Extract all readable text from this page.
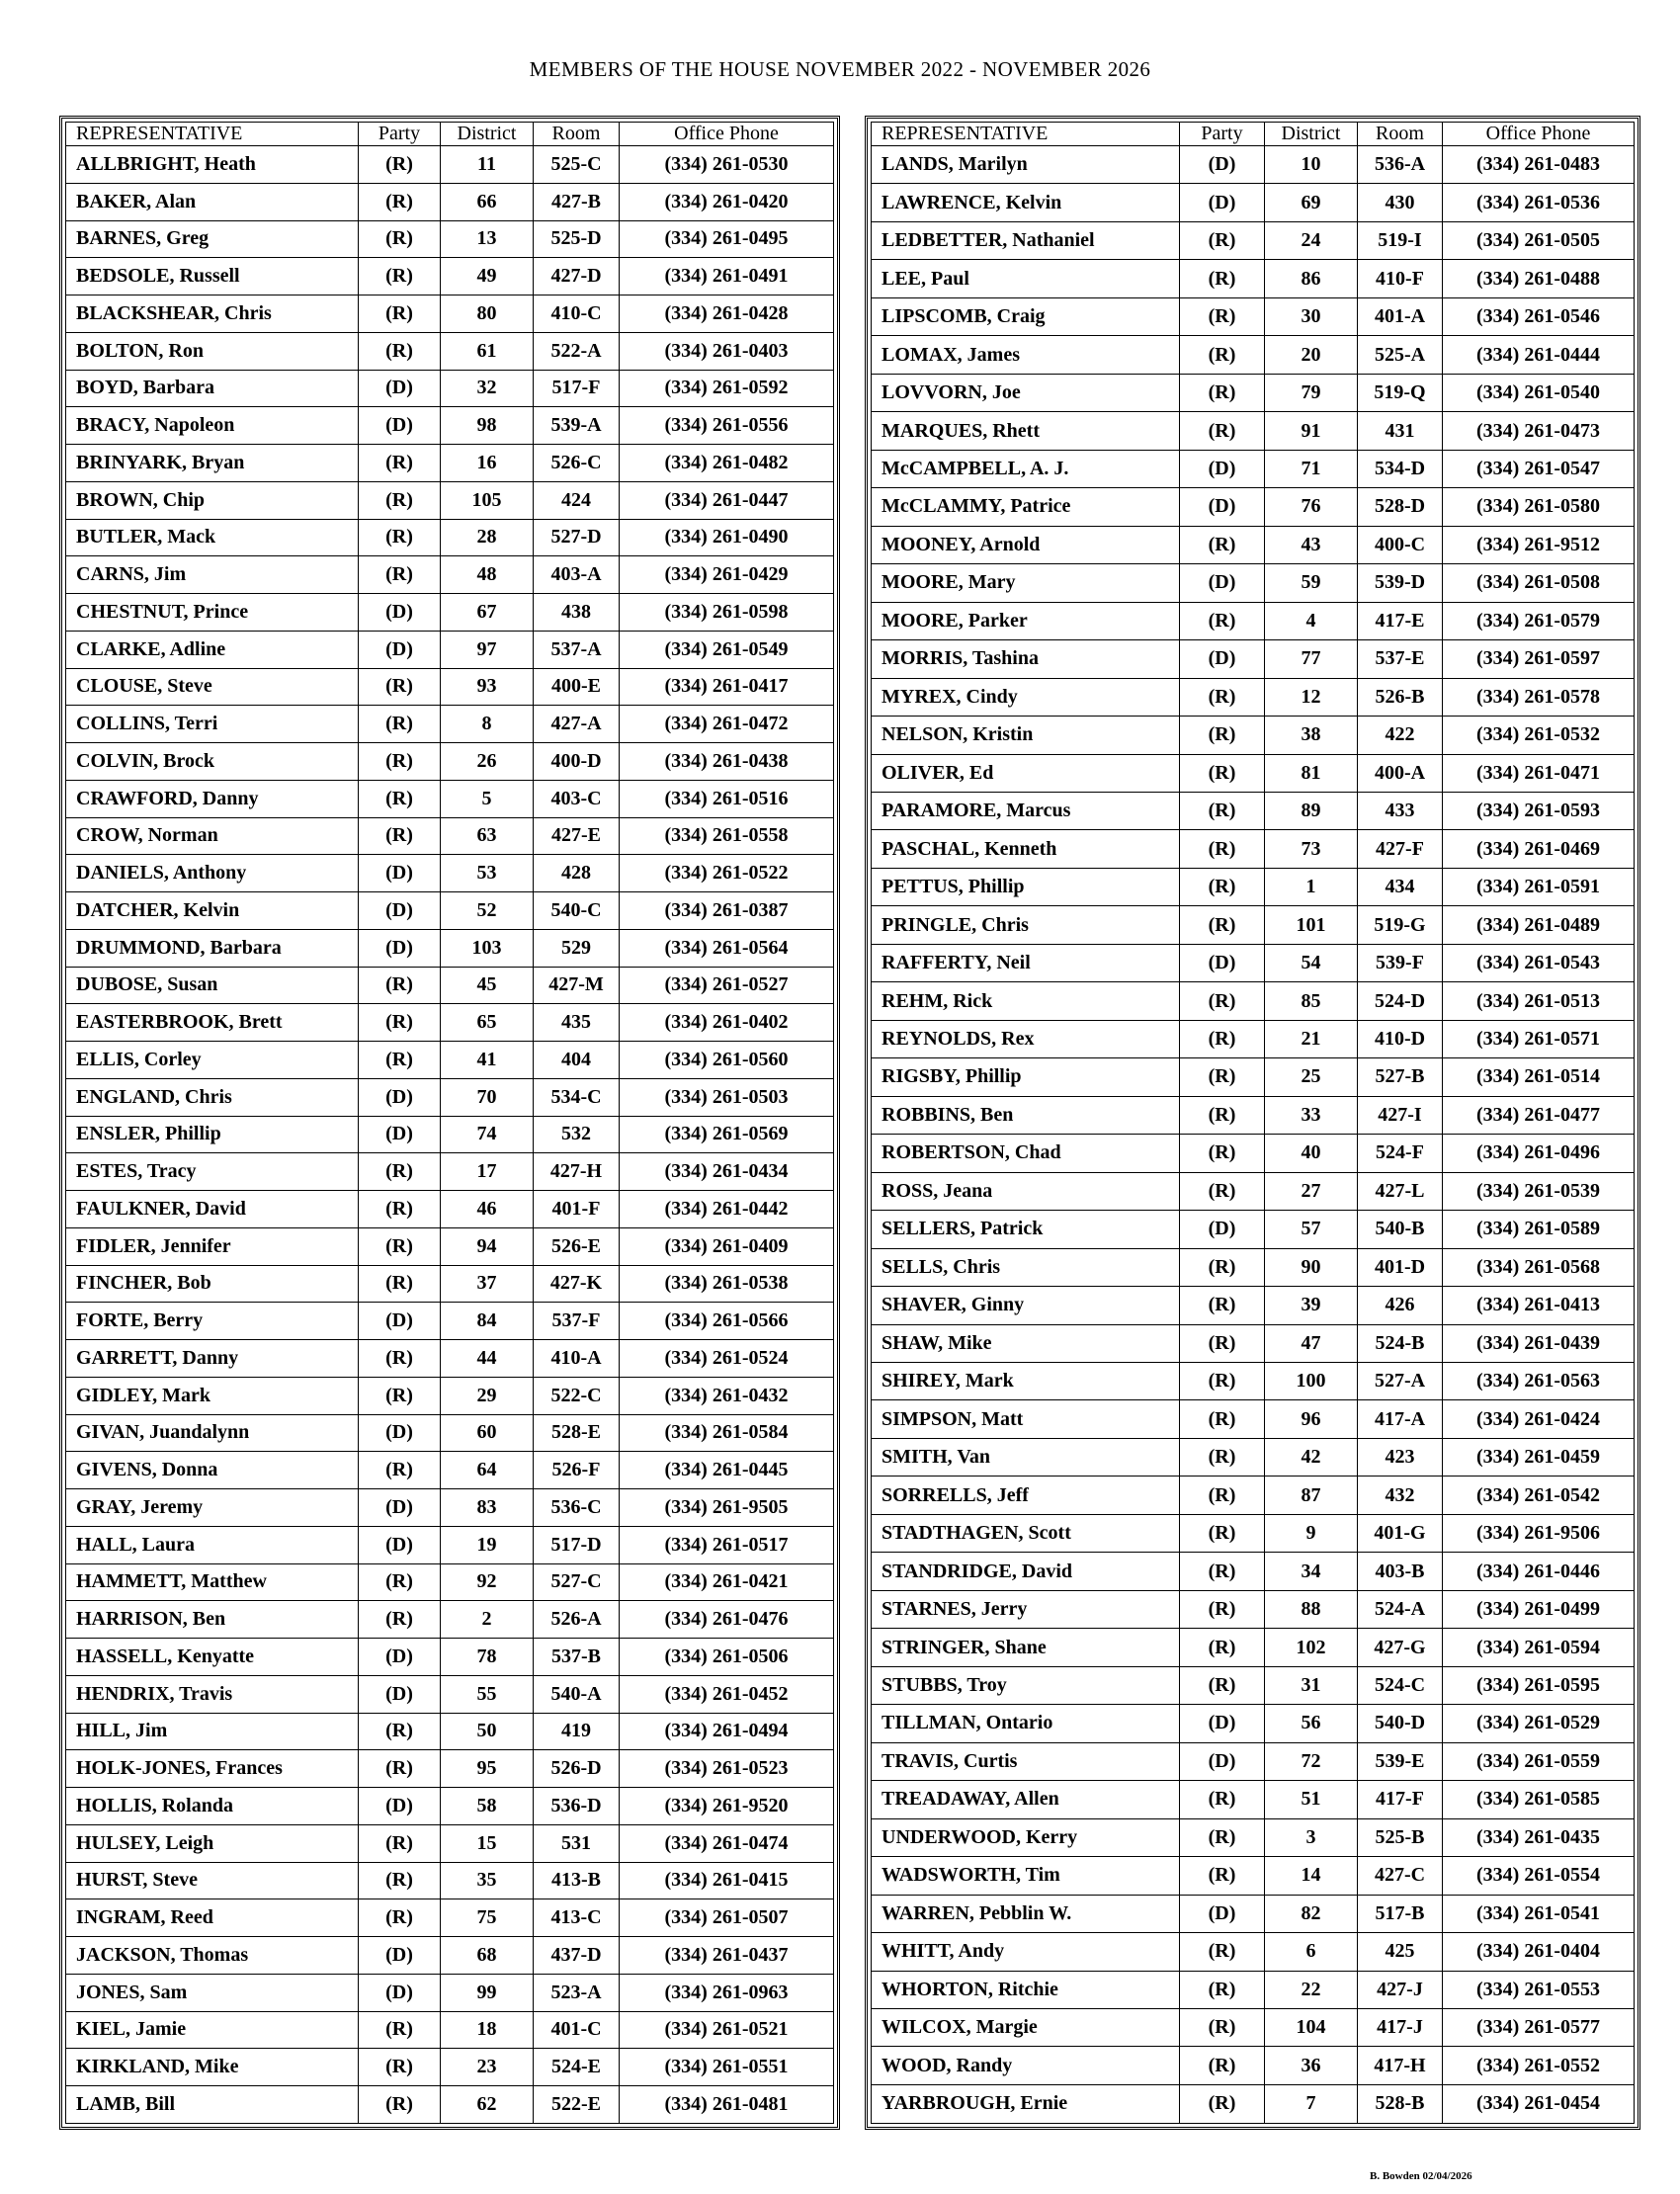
MEMBERS OF THE HOUSE NOVEMBER 2022 - NOVEMBER 2026
REPRESENTATIVE	Party	District	Room	Office Phone
ALLBRIGHT, Heath	(R)	11	525-C	(334) 261-0530
BAKER, Alan	(R)	66	427-B	(334) 261-0420
BARNES, Greg	(R)	13	525-D	(334) 261-0495
BEDSOLE, Russell	(R)	49	427-D	(334) 261-0491
BLACKSHEAR, Chris	(R)	80	410-C	(334) 261-0428
BOLTON, Ron	(R)	61	522-A	(334) 261-0403
BOYD, Barbara	(D)	32	517-F	(334) 261-0592
BRACY, Napoleon	(D)	98	539-A	(334) 261-0556
BRINYARK, Bryan	(R)	16	526-C	(334) 261-0482
BROWN, Chip	(R)	105	424	(334) 261-0447
BUTLER, Mack	(R)	28	527-D	(334) 261-0490
CARNS, Jim	(R)	48	403-A	(334) 261-0429
CHESTNUT, Prince	(D)	67	438	(334) 261-0598
CLARKE, Adline	(D)	97	537-A	(334) 261-0549
CLOUSE, Steve	(R)	93	400-E	(334) 261-0417
COLLINS, Terri	(R)	8	427-A	(334) 261-0472
COLVIN, Brock	(R)	26	400-D	(334) 261-0438
CRAWFORD, Danny	(R)	5	403-C	(334) 261-0516
CROW, Norman	(R)	63	427-E	(334) 261-0558
DANIELS, Anthony	(D)	53	428	(334) 261-0522
DATCHER, Kelvin	(D)	52	540-C	(334) 261-0387
DRUMMOND, Barbara	(D)	103	529	(334) 261-0564
DUBOSE, Susan	(R)	45	427-M	(334) 261-0527
EASTERBROOK, Brett	(R)	65	435	(334) 261-0402
ELLIS, Corley	(R)	41	404	(334) 261-0560
ENGLAND, Chris	(D)	70	534-C	(334) 261-0503
ENSLER, Phillip	(D)	74	532	(334) 261-0569
ESTES, Tracy	(R)	17	427-H	(334) 261-0434
FAULKNER, David	(R)	46	401-F	(334) 261-0442
FIDLER, Jennifer	(R)	94	526-E	(334) 261-0409
FINCHER, Bob	(R)	37	427-K	(334) 261-0538
FORTE, Berry	(D)	84	537-F	(334) 261-0566
GARRETT, Danny	(R)	44	410-A	(334) 261-0524
GIDLEY, Mark	(R)	29	522-C	(334) 261-0432
GIVAN, Juandalynn	(D)	60	528-E	(334) 261-0584
GIVENS, Donna	(R)	64	526-F	(334) 261-0445
GRAY, Jeremy	(D)	83	536-C	(334) 261-9505
HALL, Laura	(D)	19	517-D	(334) 261-0517
HAMMETT, Matthew	(R)	92	527-C	(334) 261-0421
HARRISON, Ben	(R)	2	526-A	(334) 261-0476
HASSELL, Kenyatte	(D)	78	537-B	(334) 261-0506
HENDRIX, Travis	(D)	55	540-A	(334) 261-0452
HILL, Jim	(R)	50	419	(334) 261-0494
HOLK-JONES, Frances	(R)	95	526-D	(334) 261-0523
HOLLIS, Rolanda	(D)	58	536-D	(334) 261-9520
HULSEY, Leigh	(R)	15	531	(334) 261-0474
HURST, Steve	(R)	35	413-B	(334) 261-0415
INGRAM, Reed	(R)	75	413-C	(334) 261-0507
JACKSON, Thomas	(D)	68	437-D	(334) 261-0437
JONES, Sam	(D)	99	523-A	(334) 261-0963
KIEL, Jamie	(R)	18	401-C	(334) 261-0521
KIRKLAND, Mike	(R)	23	524-E	(334) 261-0551
LAMB, Bill	(R)	62	522-E	(334) 261-0481
REPRESENTATIVE	Party	District	Room	Office Phone
LANDS, Marilyn	(D)	10	536-A	(334) 261-0483
LAWRENCE, Kelvin	(D)	69	430	(334) 261-0536
LEDBETTER, Nathaniel	(R)	24	519-I	(334) 261-0505
LEE, Paul	(R)	86	410-F	(334) 261-0488
LIPSCOMB, Craig	(R)	30	401-A	(334) 261-0546
LOMAX, James	(R)	20	525-A	(334) 261-0444
LOVVORN, Joe	(R)	79	519-Q	(334) 261-0540
MARQUES, Rhett	(R)	91	431	(334) 261-0473
McCAMPBELL, A. J.	(D)	71	534-D	(334) 261-0547
McCLAMMY, Patrice	(D)	76	528-D	(334) 261-0580
MOONEY, Arnold	(R)	43	400-C	(334) 261-9512
MOORE, Mary	(D)	59	539-D	(334) 261-0508
MOORE, Parker	(R)	4	417-E	(334) 261-0579
MORRIS, Tashina	(D)	77	537-E	(334) 261-0597
MYREX, Cindy	(R)	12	526-B	(334) 261-0578
NELSON, Kristin	(R)	38	422	(334) 261-0532
OLIVER, Ed	(R)	81	400-A	(334) 261-0471
PARAMORE, Marcus	(R)	89	433	(334) 261-0593
PASCHAL, Kenneth	(R)	73	427-F	(334) 261-0469
PETTUS, Phillip	(R)	1	434	(334) 261-0591
PRINGLE, Chris	(R)	101	519-G	(334) 261-0489
RAFFERTY, Neil	(D)	54	539-F	(334) 261-0543
REHM, Rick	(R)	85	524-D	(334) 261-0513
REYNOLDS, Rex	(R)	21	410-D	(334) 261-0571
RIGSBY, Phillip	(R)	25	527-B	(334) 261-0514
ROBBINS, Ben	(R)	33	427-I	(334) 261-0477
ROBERTSON, Chad	(R)	40	524-F	(334) 261-0496
ROSS, Jeana	(R)	27	427-L	(334) 261-0539
SELLERS, Patrick	(D)	57	540-B	(334) 261-0589
SELLS, Chris	(R)	90	401-D	(334) 261-0568
SHAVER, Ginny	(R)	39	426	(334) 261-0413
SHAW, Mike	(R)	47	524-B	(334) 261-0439
SHIREY, Mark	(R)	100	527-A	(334) 261-0563
SIMPSON, Matt	(R)	96	417-A	(334) 261-0424
SMITH, Van	(R)	42	423	(334) 261-0459
SORRELLS, Jeff	(R)	87	432	(334) 261-0542
STADTHAGEN, Scott	(R)	9	401-G	(334) 261-9506
STANDRIDGE, David	(R)	34	403-B	(334) 261-0446
STARNES, Jerry	(R)	88	524-A	(334) 261-0499
STRINGER, Shane	(R)	102	427-G	(334) 261-0594
STUBBS, Troy	(R)	31	524-C	(334) 261-0595
TILLMAN, Ontario	(D)	56	540-D	(334) 261-0529
TRAVIS, Curtis	(D)	72	539-E	(334) 261-0559
TREADAWAY, Allen	(R)	51	417-F	(334) 261-0585
UNDERWOOD, Kerry	(R)	3	525-B	(334) 261-0435
WADSWORTH, Tim	(R)	14	427-C	(334) 261-0554
WARREN, Pebblin W.	(D)	82	517-B	(334) 261-0541
WHITT, Andy	(R)	6	425	(334) 261-0404
WHORTON, Ritchie	(R)	22	427-J	(334) 261-0553
WILCOX, Margie	(R)	104	417-J	(334) 261-0577
WOOD, Randy	(R)	36	417-H	(334) 261-0552
YARBROUGH, Ernie	(R)	7	528-B	(334) 261-0454
B. Bowden 02/04/2026
